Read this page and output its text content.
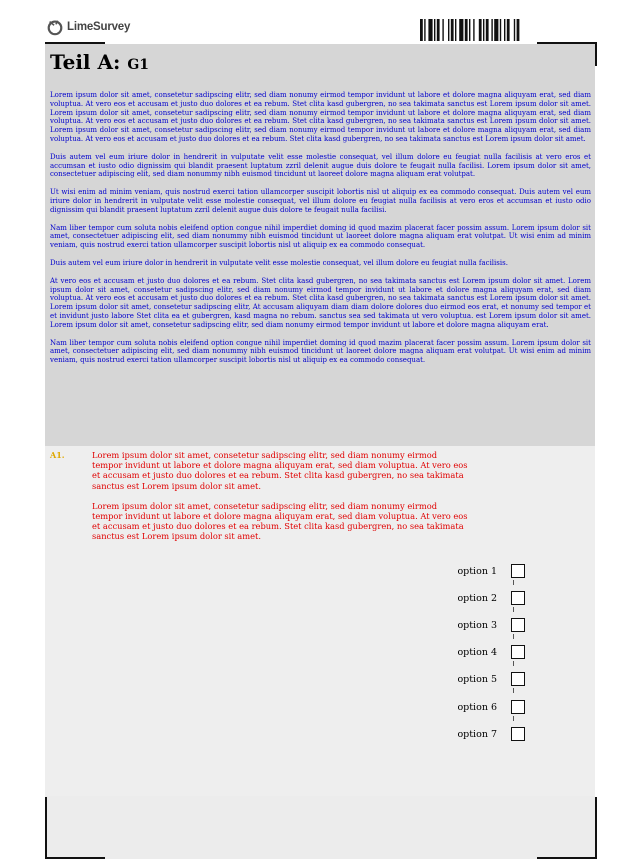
LimeSurvey
Teil A: G1

Lorem ipsum dolor sit amet, consetetur sadipscing elitr, sed diam nonumy eirmod tempor invidunt ut labore et dolore magna aliquyam erat, sed diam voluptua. At vero eos et accusam et justo duo dolores et ea rebum. Stet clita kasd gubergren, no sea takimata sanctus est Lorem ipsum dolor sit amet. Lorem ipsum dolor sit amet, consetetur sadipscing elitr, sed diam nonumy eirmod tempor invidunt ut labore et dolore magna aliquyam erat, sed diam voluptua. At vero eos et accusam et justo duo dolores et ea rebum. Stet clita kasd gubergren, no sea takimata sanctus est Lorem ipsum dolor sit amet. Lorem ipsum dolor sit amet, consetetur sadipscing elitr, sed diam nonumy eirmod tempor invidunt ut labore et dolore magna aliquyam erat, sed diam voluptua. At vero eos et accusam et justo duo dolores et ea rebum. Stet clita kasd gubergren, no sea takimata sanctus est Lorem ipsum dolor sit amet.

Duis autem vel eum iriure dolor in hendrerit in vulputate velit esse molestie consequat, vel illum dolore eu feugiat nulla facilisis at vero eros et accumsan et iusto odio dignissim qui blandit praesent luptatum zzril delenit augue duis dolore te feugait nulla facilisi. Lorem ipsum dolor sit amet, consectetuer adipiscing elit, sed diam nonummy nibh euismod tincidunt ut laoreet dolore magna aliquam erat volutpat.

Ut wisi enim ad minim veniam, quis nostrud exerci tation ullamcorper suscipit lobortis nisl ut aliquip ex ea commodo consequat. Duis autem vel eum iriure dolor in hendrerit in vulputate velit esse molestie consequat, vel illum dolore eu feugiat nulla facilisis at vero eros et accumsan et iusto odio dignissim qui blandit praesent luptatum zzril delenit augue duis dolore te feugait nulla facilisi.

Nam liber tempor cum soluta nobis eleifend option congue nihil imperdiet doming id quod mazim placerat facer possim assum. Lorem ipsum dolor sit amet, consectetuer adipiscing elit, sed diam nonummy nibh euismod tincidunt ut laoreet dolore magna aliquam erat volutpat. Ut wisi enim ad minim veniam, quis nostrud exerci tation ullamcorper suscipit lobortis nisl ut aliquip ex ea commodo consequat.

Duis autem vel eum iriure dolor in hendrerit in vulputate velit esse molestie consequat, vel illum dolore eu feugiat nulla facilisis.

At vero eos et accusam et justo duo dolores et ea rebum. Stet clita kasd gubergren, no sea takimata sanctus est Lorem ipsum dolor sit amet. Lorem ipsum dolor sit amet, consetetur sadipscing elitr, sed diam nonumy eirmod tempor invidunt ut labore et dolore magna aliquyam erat, sed diam voluptua. At vero eos et accusam et justo duo dolores et ea rebum. Stet clita kasd gubergren, no sea takimata sanctus est Lorem ipsum dolor sit amet. Lorem ipsum dolor sit amet, consetetur sadipscing elitr, At accusam aliquyam diam diam dolore dolores duo eirmod eos erat, et nonumy sed tempor et et invidunt justo labore Stet clita ea et gubergren, kasd magna no rebum. sanctus sea sed takimata ut vero voluptua. est Lorem ipsum dolor sit amet. Lorem ipsum dolor sit amet, consetetur sadipscing elitr, sed diam nonumy eirmod tempor invidunt ut labore et dolore magna aliquyam erat.

Nam liber tempor cum soluta nobis eleifend option congue nihil imperdiet doming id quod mazim placerat facer possim assum. Lorem ipsum dolor sit amet, consectetuer adipiscing elit, sed diam nonummy nibh euismod tincidunt ut laoreet dolore magna aliquam erat volutpat. Ut wisi enim ad minim veniam, quis nostrud exerci tation ullamcorper suscipit lobortis nisl ut aliquip ex ea commodo consequat.

A1.	Lorem ipsum dolor sit amet, consetetur sadipscing elitr, sed diam nonumy eirmod tempor invidunt ut labore et dolore magna aliquyam erat, sed diam voluptua. At vero eos et accusam et justo duo dolores et ea rebum. Stet clita kasd gubergren, no sea takimata sanctus est Lorem ipsum dolor sit amet.

Lorem ipsum dolor sit amet, consetetur sadipscing elitr, sed diam nonumy eirmod tempor invidunt ut labore et dolore magna aliquyam erat, sed diam voluptua. At vero eos et accusam et justo duo dolores et ea rebum. Stet clita kasd gubergren, no sea takimata sanctus est Lorem ipsum dolor sit amet.

option 1
option 2
option 3
option 4
option 5
option 6
option 7
